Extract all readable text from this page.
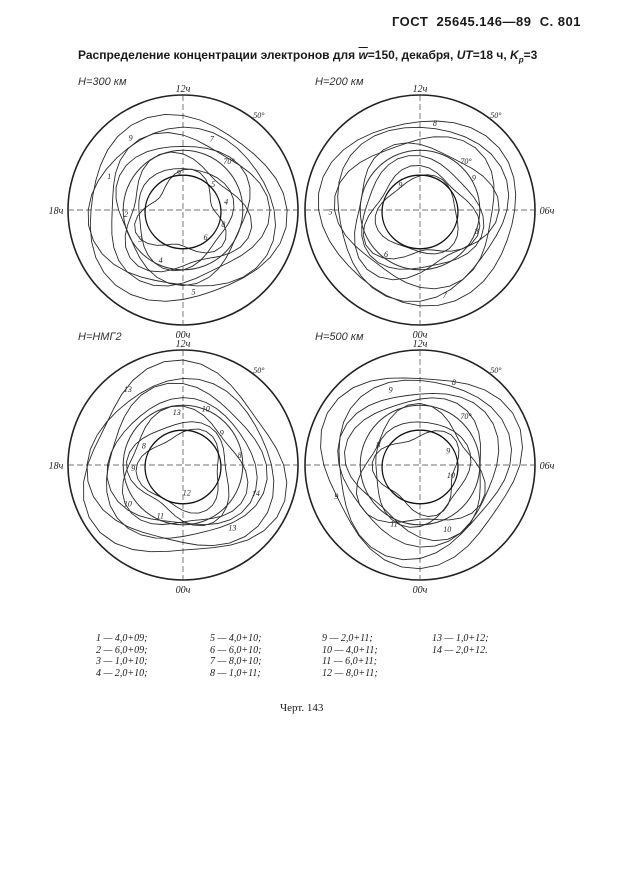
ГОСТ 25645.146—89 С. 801
Распределение концентрации электронов для $\overline{w}=150$, декабря, UT=18 ч, $K_p=3$
H=300 км
12ч
00ч
18ч
50°
70°
8
6
5
4
3
2
1
9
9
7
5
4
H=200 км
12ч
00ч
06ч
50°
70°
8
7
6
5
9
8
9
H=НМГ2
12ч
00ч
18ч
50°
14
13
12
11
10
9
8
13
13	10
9
8
H=500 км
12ч
00ч
06ч
50°
70°
10
10
11
9
8
9
8
9
1 — 4,0+09;
2 — 6,0+09;
3 — 1,0+10;
4 — 2,0+10;
5 — 4,0+10;
6 — 6,0+10;
7 — 8,0+10;
8 — 1,0+11;
9 — 2,0+11;
10 — 4,0+11;
11 — 6,0+11;
12 — 8,0+11;
13 — 1,0+12;
14 — 2,0+12.
Черт. 143
